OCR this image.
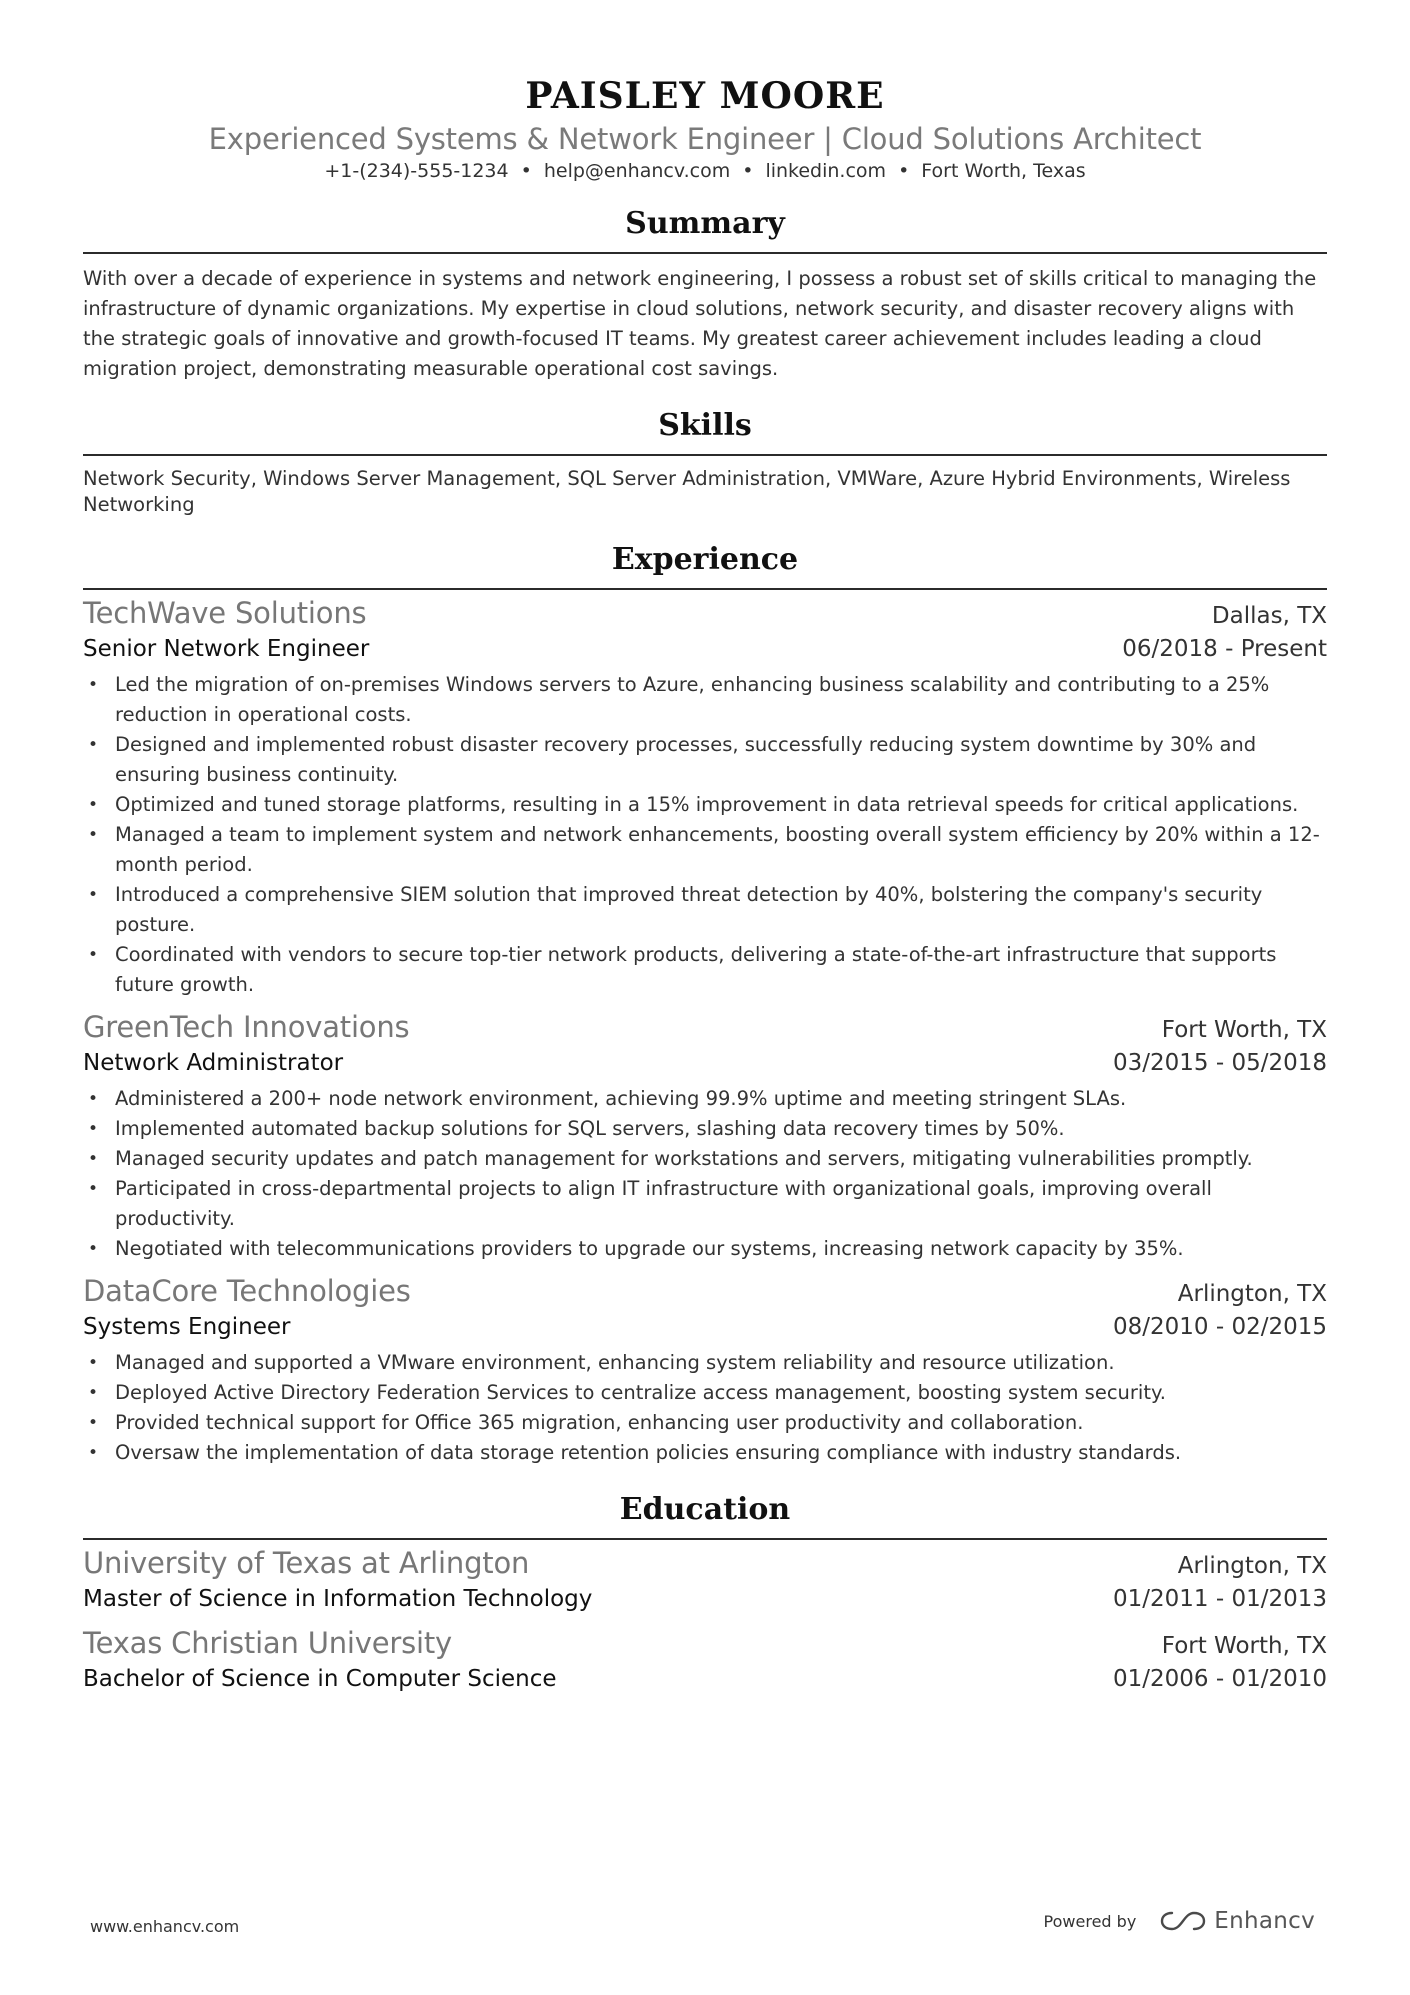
PAISLEY MOORE
Experienced Systems & Network Engineer | Cloud Solutions Architect
+1-(234)-555-1234 • help@enhancv.com • linkedin.com • Fort Worth, Texas
Summary
With over a decade of experience in systems and network engineering, I possess a robust set of skills critical to managing the infrastructure of dynamic organizations. My expertise in cloud solutions, network security, and disaster recovery aligns with the strategic goals of innovative and growth-focused IT teams. My greatest career achievement includes leading a cloud migration project, demonstrating measurable operational cost savings.
Skills
Network Security, Windows Server Management, SQL Server Administration, VMWare, Azure Hybrid Environments, Wireless Networking
Experience
TechWave Solutions	Dallas, TX
Senior Network Engineer	06/2018 - Present
• Led the migration of on-premises Windows servers to Azure, enhancing business scalability and contributing to a 25% reduction in operational costs.
• Designed and implemented robust disaster recovery processes, successfully reducing system downtime by 30% and ensuring business continuity.
• Optimized and tuned storage platforms, resulting in a 15% improvement in data retrieval speeds for critical applications.
• Managed a team to implement system and network enhancements, boosting overall system efficiency by 20% within a 12-month period.
• Introduced a comprehensive SIEM solution that improved threat detection by 40%, bolstering the company's security posture.
• Coordinated with vendors to secure top-tier network products, delivering a state-of-the-art infrastructure that supports future growth.
GreenTech Innovations	Fort Worth, TX
Network Administrator	03/2015 - 05/2018
• Administered a 200+ node network environment, achieving 99.9% uptime and meeting stringent SLAs.
• Implemented automated backup solutions for SQL servers, slashing data recovery times by 50%.
• Managed security updates and patch management for workstations and servers, mitigating vulnerabilities promptly.
• Participated in cross-departmental projects to align IT infrastructure with organizational goals, improving overall productivity.
• Negotiated with telecommunications providers to upgrade our systems, increasing network capacity by 35%.
DataCore Technologies	Arlington, TX
Systems Engineer	08/2010 - 02/2015
• Managed and supported a VMware environment, enhancing system reliability and resource utilization.
• Deployed Active Directory Federation Services to centralize access management, boosting system security.
• Provided technical support for Office 365 migration, enhancing user productivity and collaboration.
• Oversaw the implementation of data storage retention policies ensuring compliance with industry standards.
Education
University of Texas at Arlington	Arlington, TX
Master of Science in Information Technology	01/2011 - 01/2013
Texas Christian University	Fort Worth, TX
Bachelor of Science in Computer Science	01/2006 - 01/2010
www.enhancv.com	Powered by	Enhancv
